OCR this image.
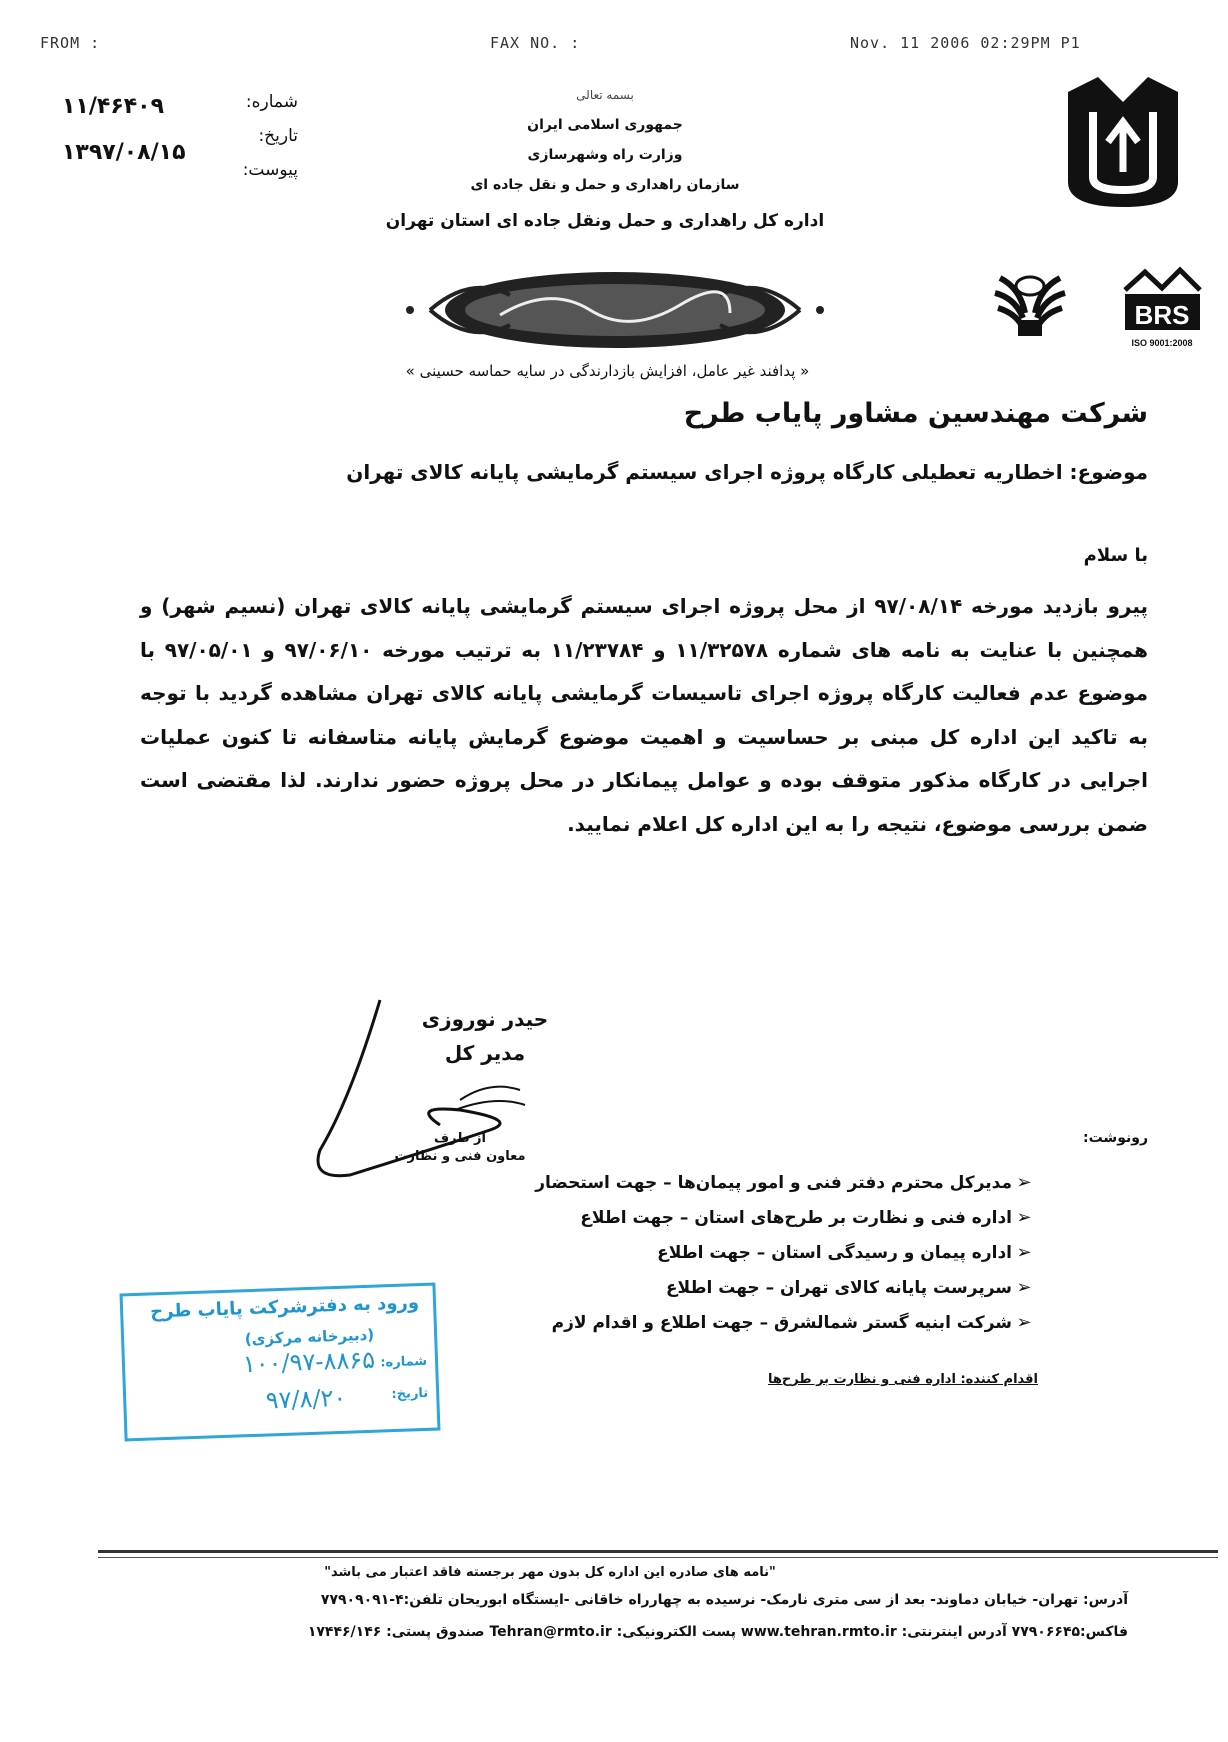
FROM :	FAX NO. :	Nov. 11 2006 02:29PM P1
شماره:
تاریخ:
پیوست:
۱۱/۴۶۴۰۹
۱۳۹۷/۰۸/۱۵
بسمه تعالی
جمهوری اسلامی ایران
وزارت راه وشهرسازی
سازمان راهداری و حمل و نقل جاده ای
اداره کل راهداری و حمل ونقل جاده ای استان تهران
BRS
ISO 9001:2008
« پدافند غیر عامل، افزایش بازدارندگی در سایه حماسه حسینی »
شرکت مهندسین مشاور پایاب طرح
موضوع: اخطاریه تعطیلی کارگاه پروژه اجرای سیستم گرمایشی پایانه کالای تهران
با سلام
پیرو بازدید مورخه ۹۷/۰۸/۱۴ از محل پروژه اجرای سیستم گرمایشی پایانه کالای تهران (نسیم شهر) و همچنین با عنایت به نامه های شماره ۱۱/۳۲۵۷۸ و ۱۱/۲۳۷۸۴ به ترتیب مورخه ۹۷/۰۶/۱۰ و ۹۷/۰۵/۰۱ با موضوع عدم فعالیت کارگاه پروژه اجرای تاسیسات گرمایشی پایانه کالای تهران مشاهده گردید با توجه به تاکید این اداره کل مبنی بر حساسیت و اهمیت موضوع گرمایش پایانه متاسفانه تا کنون عملیات اجرایی در کارگاه مذکور متوقف بوده و عوامل پیمانکار در محل پروژه حضور ندارند. لذا مقتضی است ضمن بررسی موضوع، نتیجه را به این اداره کل اعلام نمایید.
حیدر نوروزی
مدیر کل
از طرف
معاون فنی و نظارت
رونوشت:
➢مدیرکل محترم دفتر فنی و امور پیمان‌ها – جهت استحضار
➢اداره فنی و نظارت بر طرح‌های استان – جهت اطلاع
➢اداره پیمان و رسیدگی استان – جهت اطلاع
➢سرپرست پایانه کالای تهران – جهت اطلاع
➢شرکت ابنیه گستر شمالشرق – جهت اطلاع و اقدام لازم
اقدام کننده: اداره فنی و نظارت بر طرح‌ها
ورود به دفترشرکت پایاب طرح
(دبیرخانه مرکزی)
شماره:
تاریخ:
۱۰۰/۹۷-۸۸۶۵
۹۷/۸/۲۰
"نامه های صادره این اداره کل بدون مهر برجسته فاقد اعتبار می باشد"
آدرس: تهران- خیابان دماوند- بعد از سی متری نارمک- نرسیده به چهارراه خاقانی -ایستگاه ابوریحان تلفن:۴-۷۷۹۰۹۰۹۱
فاکس:۷۷۹۰۶۶۴۵ آدرس اینترنتی: www.tehran.rmto.ir پست الکترونیکی: Tehran@rmto.ir صندوق پستی: ۱۷۴۴۶/۱۴۶
